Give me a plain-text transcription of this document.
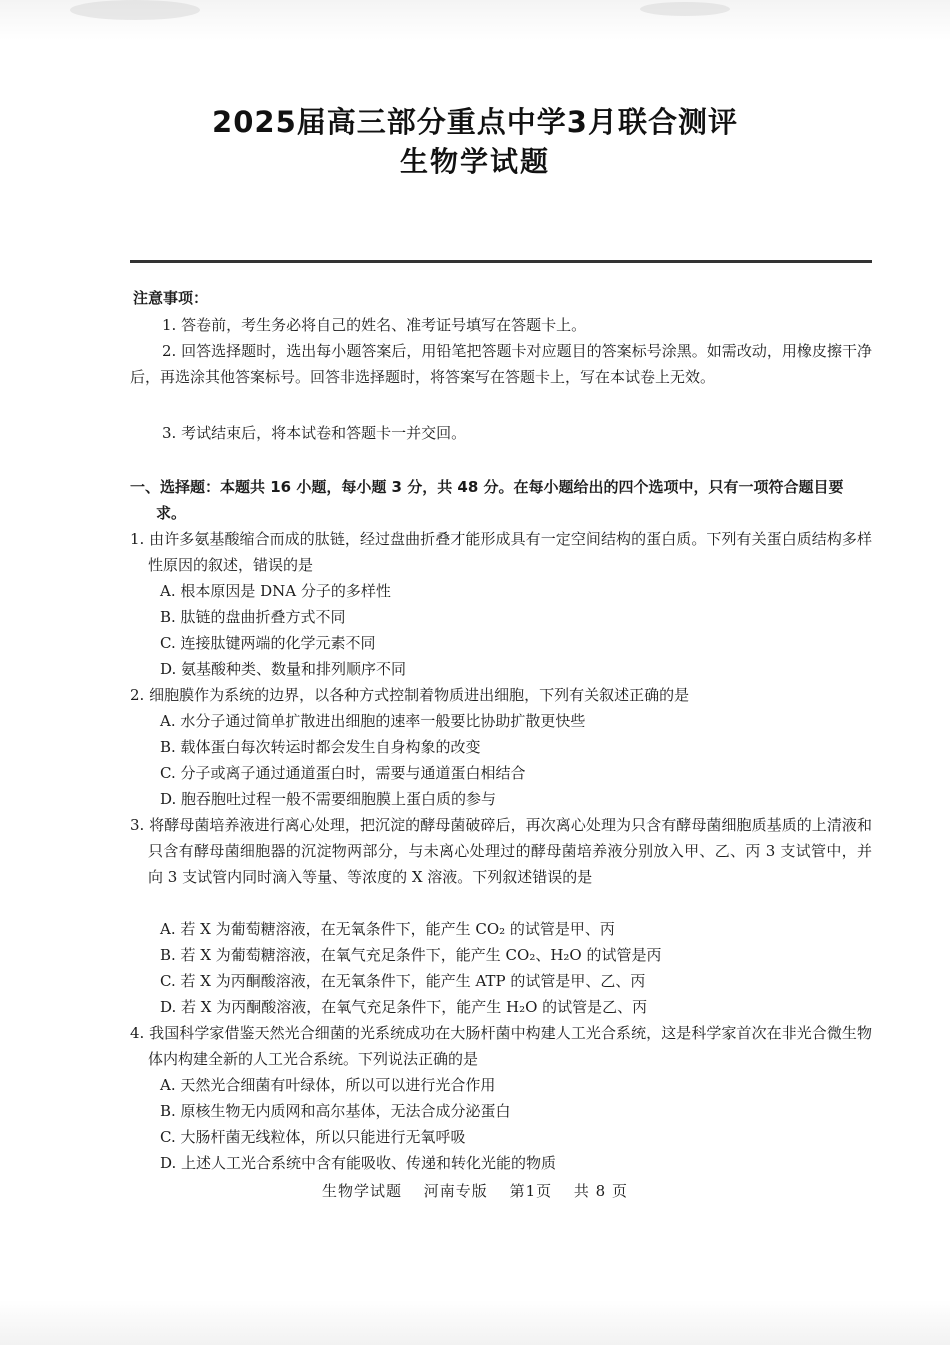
2025届高三部分重点中学3月联合测评
生物学试题
注意事项：
1. 答卷前，考生务必将自己的姓名、准考证号填写在答题卡上。
2. 回答选择题时，选出每小题答案后，用铅笔把答题卡对应题目的答案标号涂黑。如需改动，用橡皮擦干净后，再选涂其他答案标号。回答非选择题时，将答案写在答题卡上，写在本试卷上无效。
3. 考试结束后，将本试卷和答题卡一并交回。
一、选择题：本题共 16 小题，每小题 3 分，共 48 分。在每小题给出的四个选项中，只有一项符合题目要求。
1. 由许多氨基酸缩合而成的肽链，经过盘曲折叠才能形成具有一定空间结构的蛋白质。下列有关蛋白质结构多样性原因的叙述，错误的是
A. 根本原因是 DNA 分子的多样性
B. 肽链的盘曲折叠方式不同
C. 连接肽键两端的化学元素不同
D. 氨基酸种类、数量和排列顺序不同
2. 细胞膜作为系统的边界，以各种方式控制着物质进出细胞，下列有关叙述正确的是
A. 水分子通过简单扩散进出细胞的速率一般要比协助扩散更快些
B. 载体蛋白每次转运时都会发生自身构象的改变
C. 分子或离子通过通道蛋白时，需要与通道蛋白相结合
D. 胞吞胞吐过程一般不需要细胞膜上蛋白质的参与
3. 将酵母菌培养液进行离心处理，把沉淀的酵母菌破碎后，再次离心处理为只含有酵母菌细胞质基质的上清液和只含有酵母菌细胞器的沉淀物两部分，与未离心处理过的酵母菌培养液分别放入甲、乙、丙 3 支试管中，并向 3 支试管内同时滴入等量、等浓度的 X 溶液。下列叙述错误的是
A. 若 X 为葡萄糖溶液，在无氧条件下，能产生 CO₂ 的试管是甲、丙
B. 若 X 为葡萄糖溶液，在氧气充足条件下，能产生 CO₂、H₂O 的试管是丙
C. 若 X 为丙酮酸溶液，在无氧条件下，能产生 ATP 的试管是甲、乙、丙
D. 若 X 为丙酮酸溶液，在氧气充足条件下，能产生 H₂O 的试管是乙、丙
4. 我国科学家借鉴天然光合细菌的光系统成功在大肠杆菌中构建人工光合系统，这是科学家首次在非光合微生物体内构建全新的人工光合系统。下列说法正确的是
A. 天然光合细菌有叶绿体，所以可以进行光合作用
B. 原核生物无内质网和高尔基体，无法合成分泌蛋白
C. 大肠杆菌无线粒体，所以只能进行无氧呼吸
D. 上述人工光合系统中含有能吸收、传递和转化光能的物质
生物学试题 河南专版 第1页 共 8 页
